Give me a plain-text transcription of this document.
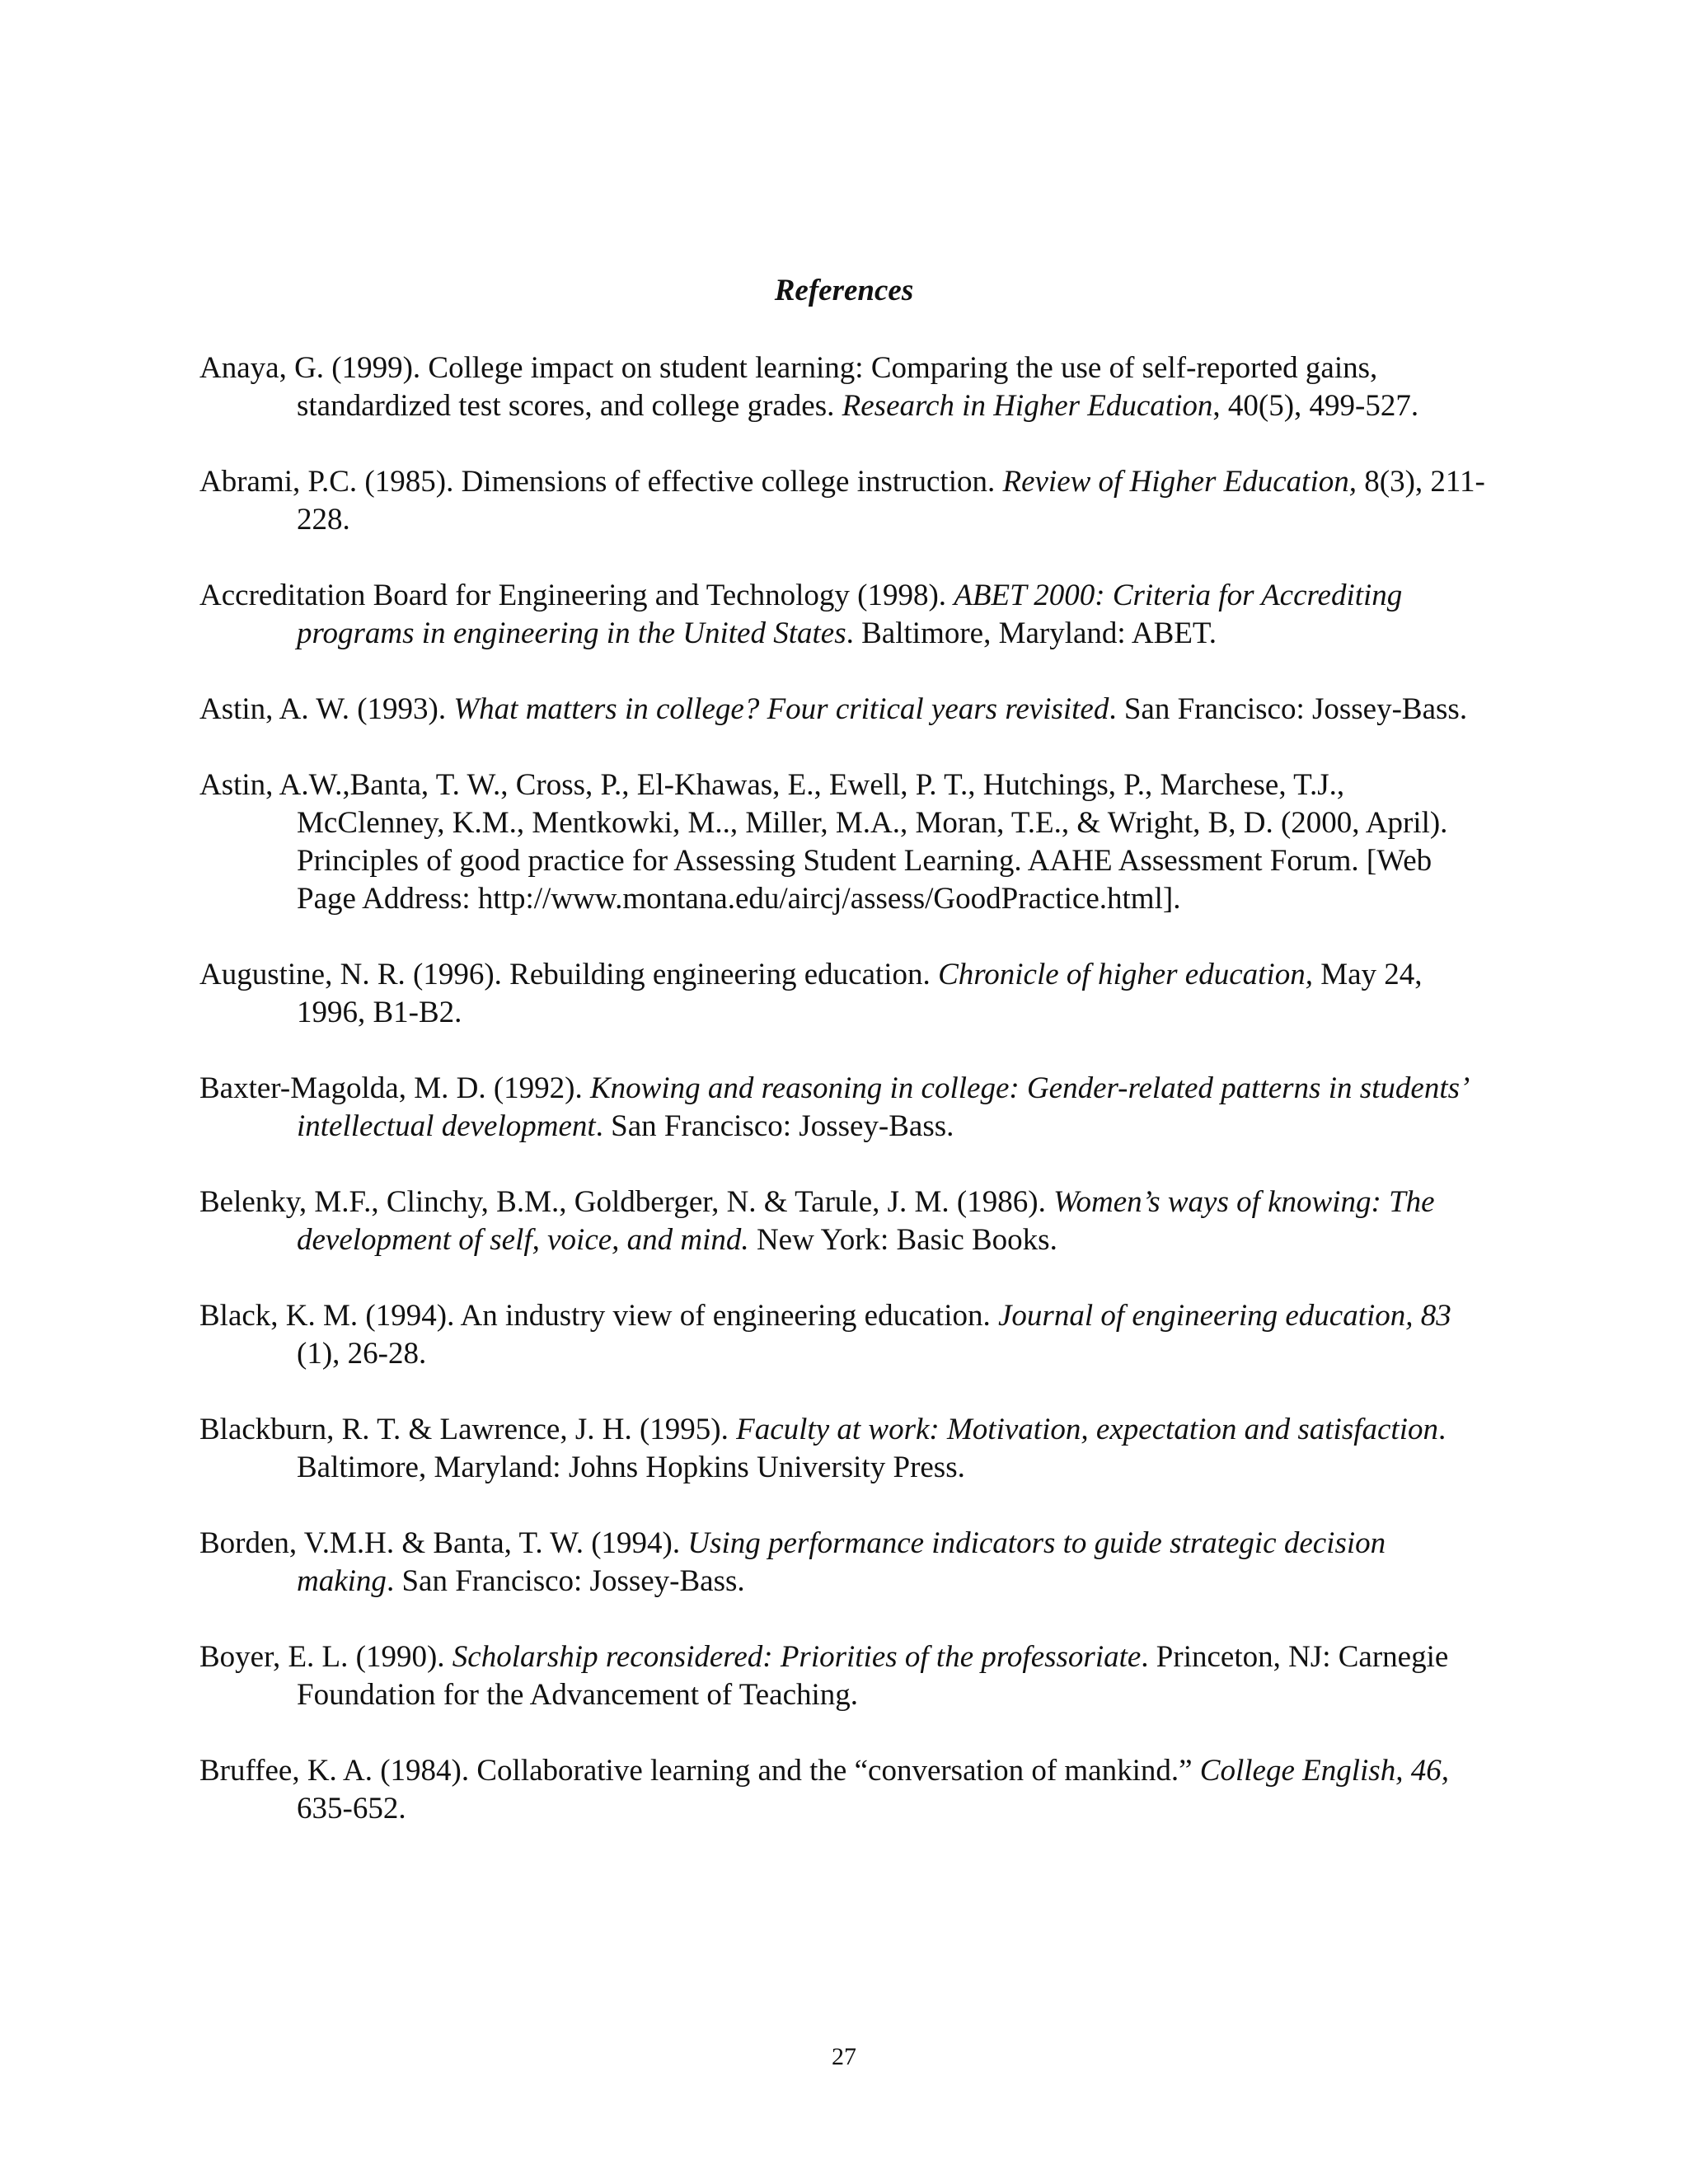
References
Anaya, G. (1999). College impact on student learning: Comparing the use of self-reported gains, standardized test scores, and college grades. Research in Higher Education, 40(5), 499-527.
Abrami, P.C. (1985). Dimensions of effective college instruction. Review of Higher Education, 8(3), 211-228.
Accreditation Board for Engineering and Technology (1998). ABET 2000: Criteria for Accrediting programs in engineering in the United States. Baltimore, Maryland: ABET.
Astin, A. W. (1993). What matters in college? Four critical years revisited. San Francisco: Jossey-Bass.
Astin, A.W.,Banta, T. W., Cross, P., El-Khawas, E., Ewell, P. T., Hutchings, P., Marchese, T.J., McClenney, K.M., Mentkowki, M.., Miller, M.A., Moran, T.E., & Wright, B, D. (2000, April). Principles of good practice for Assessing Student Learning. AAHE Assessment Forum. [Web Page Address: http://www.montana.edu/aircj/assess/GoodPractice.html].
Augustine, N. R. (1996). Rebuilding engineering education. Chronicle of higher education, May 24, 1996, B1-B2.
Baxter-Magolda, M. D. (1992). Knowing and reasoning in college: Gender-related patterns in students’ intellectual development. San Francisco: Jossey-Bass.
Belenky, M.F., Clinchy, B.M., Goldberger, N. & Tarule, J. M. (1986). Women’s ways of knowing: The development of self, voice, and mind. New York: Basic Books.
Black, K. M. (1994). An industry view of engineering education. Journal of engineering education, 83 (1), 26-28.
Blackburn, R. T. & Lawrence, J. H. (1995). Faculty at work: Motivation, expectation and satisfaction. Baltimore, Maryland: Johns Hopkins University Press.
Borden, V.M.H. & Banta, T. W. (1994). Using performance indicators to guide strategic decision making. San Francisco: Jossey-Bass.
Boyer, E. L. (1990). Scholarship reconsidered: Priorities of the professoriate. Princeton, NJ: Carnegie Foundation for the Advancement of Teaching.
Bruffee, K. A. (1984). Collaborative learning and the “conversation of mankind.” College English, 46, 635-652.
27
